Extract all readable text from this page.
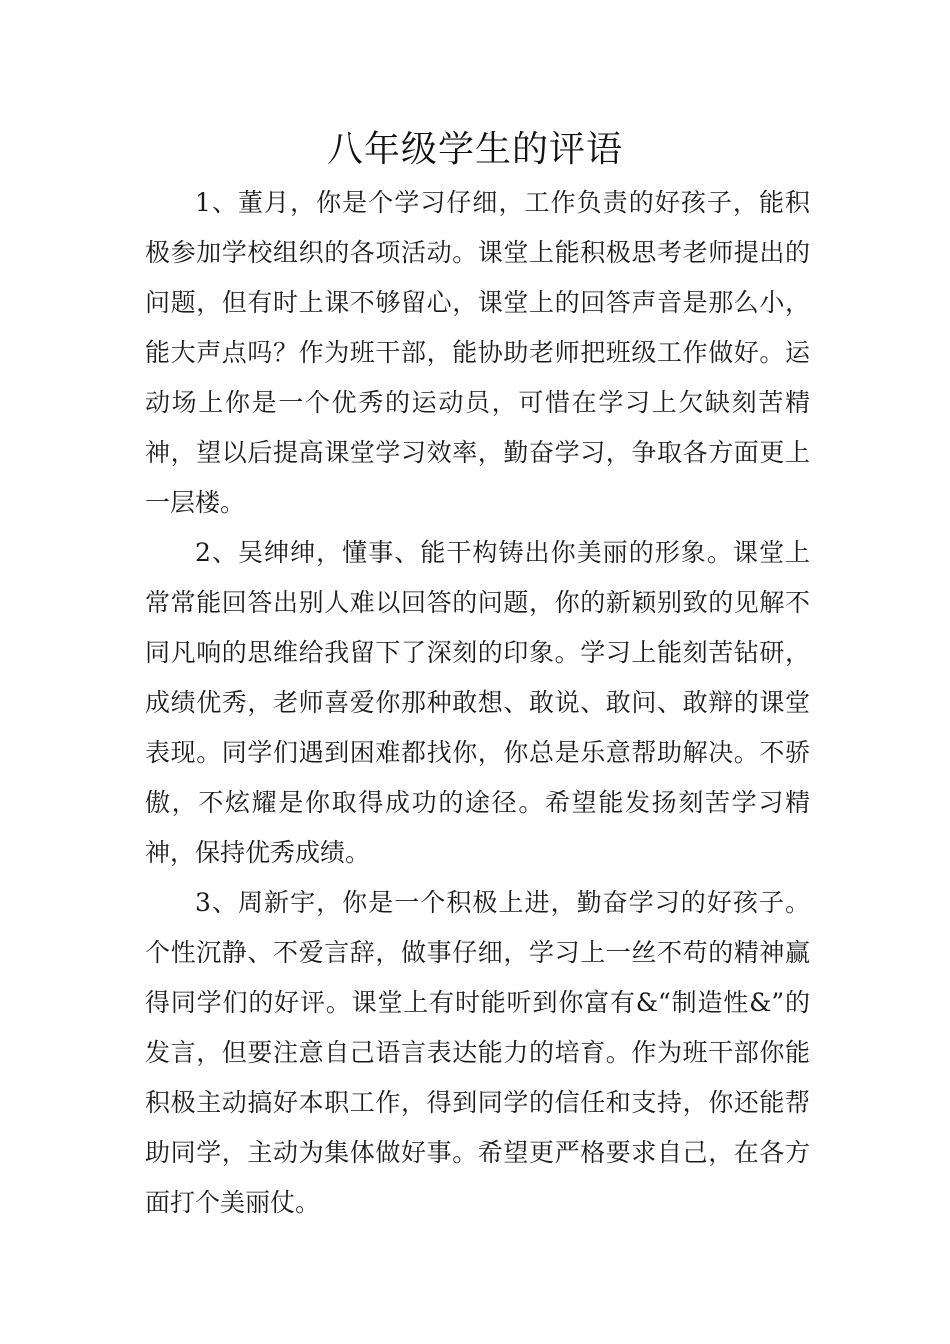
八年级学生的评语

1、董月，你是个学习仔细，工作负责的好孩子，能积极参加学校组织的各项活动。课堂上能积极思考老师提出的问题，但有时上课不够留心，课堂上的回答声音是那么小，能大声点吗？作为班干部，能协助老师把班级工作做好。运动场上你是一个优秀的运动员，可惜在学习上欠缺刻苦精神，望以后提高课堂学习效率，勤奋学习，争取各方面更上一层楼。

2、吴绅绅，懂事、能干构铸出你美丽的形象。课堂上常常能回答出别人难以回答的问题，你的新颖别致的见解不同凡响的思维给我留下了深刻的印象。学习上能刻苦钻研，成绩优秀，老师喜爱你那种敢想、敢说、敢问、敢辩的课堂表现。同学们遇到困难都找你，你总是乐意帮助解决。不骄傲，不炫耀是你取得成功的途径。希望能发扬刻苦学习精神，保持优秀成绩。

3、周新宇，你是一个积极上进，勤奋学习的好孩子。个性沉静、不爱言辞，做事仔细，学习上一丝不苟的精神赢得同学们的好评。课堂上有时能听到你富有&“制造性&”的发言，但要注意自己语言表达能力的培育。作为班干部你能积极主动搞好本职工作，得到同学的信任和支持，你还能帮助同学，主动为集体做好事。希望更严格要求自己，在各方面打个美丽仗。
